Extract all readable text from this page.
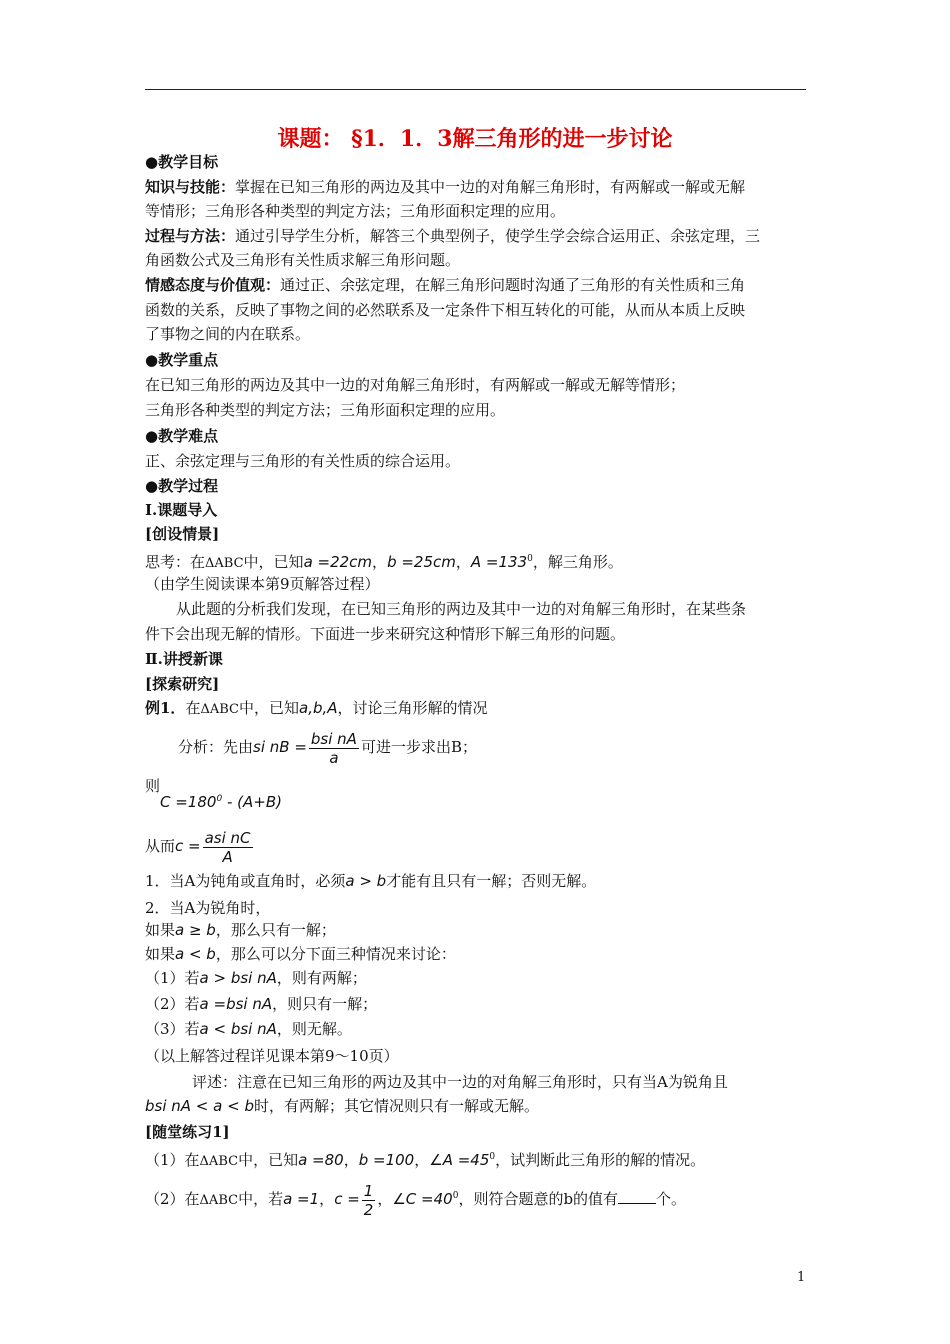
课题： §1．1．3解三角形的进一步讨论
●教学目标
知识与技能：掌握在已知三角形的两边及其中一边的对角解三角形时，有两解或一解或无解
等情形；三角形各种类型的判定方法；三角形面积定理的应用。
过程与方法：通过引导学生分析，解答三个典型例子，使学生学会综合运用正、余弦定理，三
角函数公式及三角形有关性质求解三角形问题。
情感态度与价值观：通过正、余弦定理，在解三角形问题时沟通了三角形的有关性质和三角
函数的关系，反映了事物之间的必然联系及一定条件下相互转化的可能，从而从本质上反映
了事物之间的内在联系。
●教学重点
在已知三角形的两边及其中一边的对角解三角形时，有两解或一解或无解等情形；
三角形各种类型的判定方法；三角形面积定理的应用。
●教学难点
正、余弦定理与三角形的有关性质的综合运用。
●教学过程
Ⅰ.课题导入
[创设情景]
思考：在ΔABC中，已知a =22cm，b =25cm，$A =133^0$，解三角形。
（由学生阅读课本第9页解答过程）
从此题的分析我们发现，在已知三角形的两边及其中一边的对角解三角形时，在某些条
件下会出现无解的情形。下面进一步来研究这种情形下解三角形的问题。
Ⅱ.讲授新课
[探索研究]
例1．在ΔABC中，已知a,b,A，讨论三角形解的情况
分析：先由si nB = $\frac{\text{bsi nA}}{a}$ 可进一步求出B；
则
$C =180^0 - (A+B)$
从而$c = \frac{\text{asi nC}}{A}$
1．当A为钝角或直角时，必须a > b才能有且只有一解；否则无解。
2．当A为锐角时，
如果a ≥ b，那么只有一解；
如果a < b，那么可以分下面三种情况来讨论：
（1）若a > bsi nA，则有两解；
（2）若a =bsi nA，则只有一解；
（3）若a < bsi nA，则无解。
（以上解答过程详见课本第9～10页）
评述：注意在已知三角形的两边及其中一边的对角解三角形时，只有当A为锐角且
bsi nA < a < b时，有两解；其它情况则只有一解或无解。
[随堂练习1]
（1）在ΔABC中，已知a =80，b =100，∠A $=45^0$，试判断此三角形的解的情况。
（2）在ΔABC中，若a =1，$c = \frac{1}{2}$ ，∠C $=40^0$，则符合题意的b的值有	个。
1
